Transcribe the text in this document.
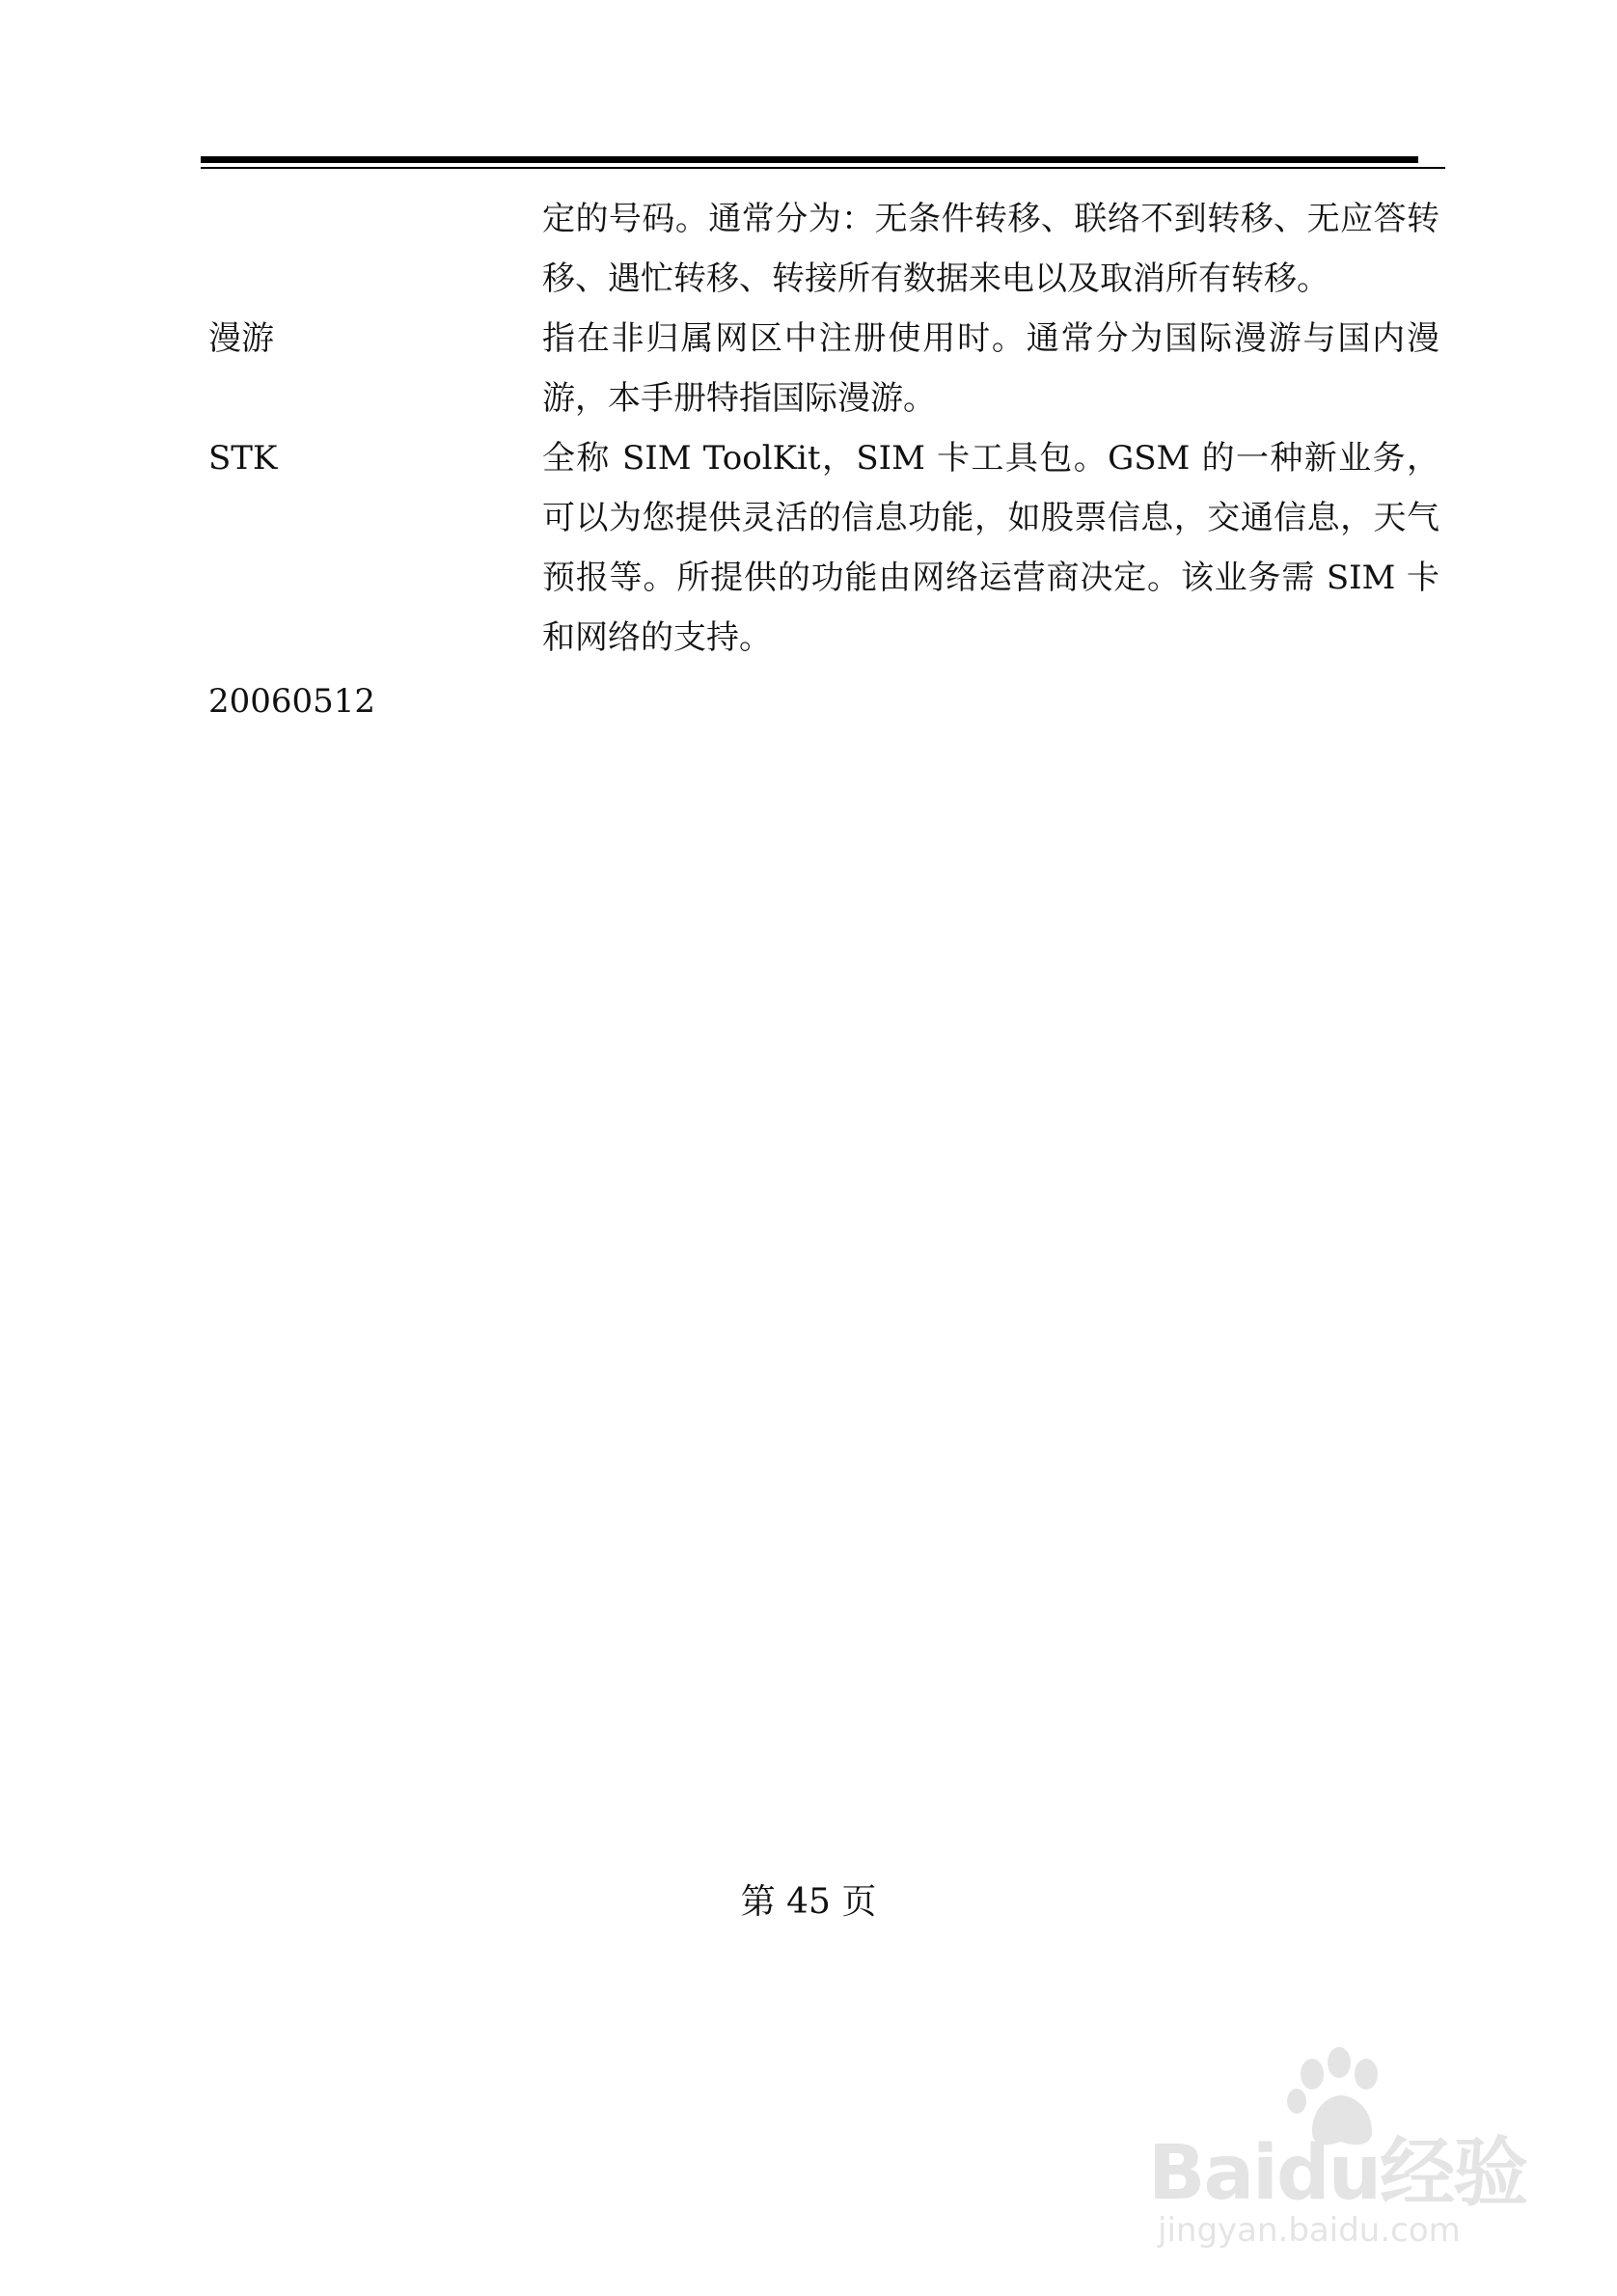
定的号码。通常分为：无条件转移、联络不到转移、无应答转移、遇忙转移、转接所有数据来电以及取消所有转移。
漫游	指在非归属网区中注册使用时。通常分为国际漫游与国内漫游，本手册特指国际漫游。
STK	全称 SIM ToolKit，SIM 卡工具包。GSM 的一种新业务，可以为您提供灵活的信息功能，如股票信息，交通信息，天气预报等。所提供的功能由网络运营商决定。该业务需 SIM 卡和网络的支持。
20060512
第 45 页
Baidu经验
jingyan.baidu.com
